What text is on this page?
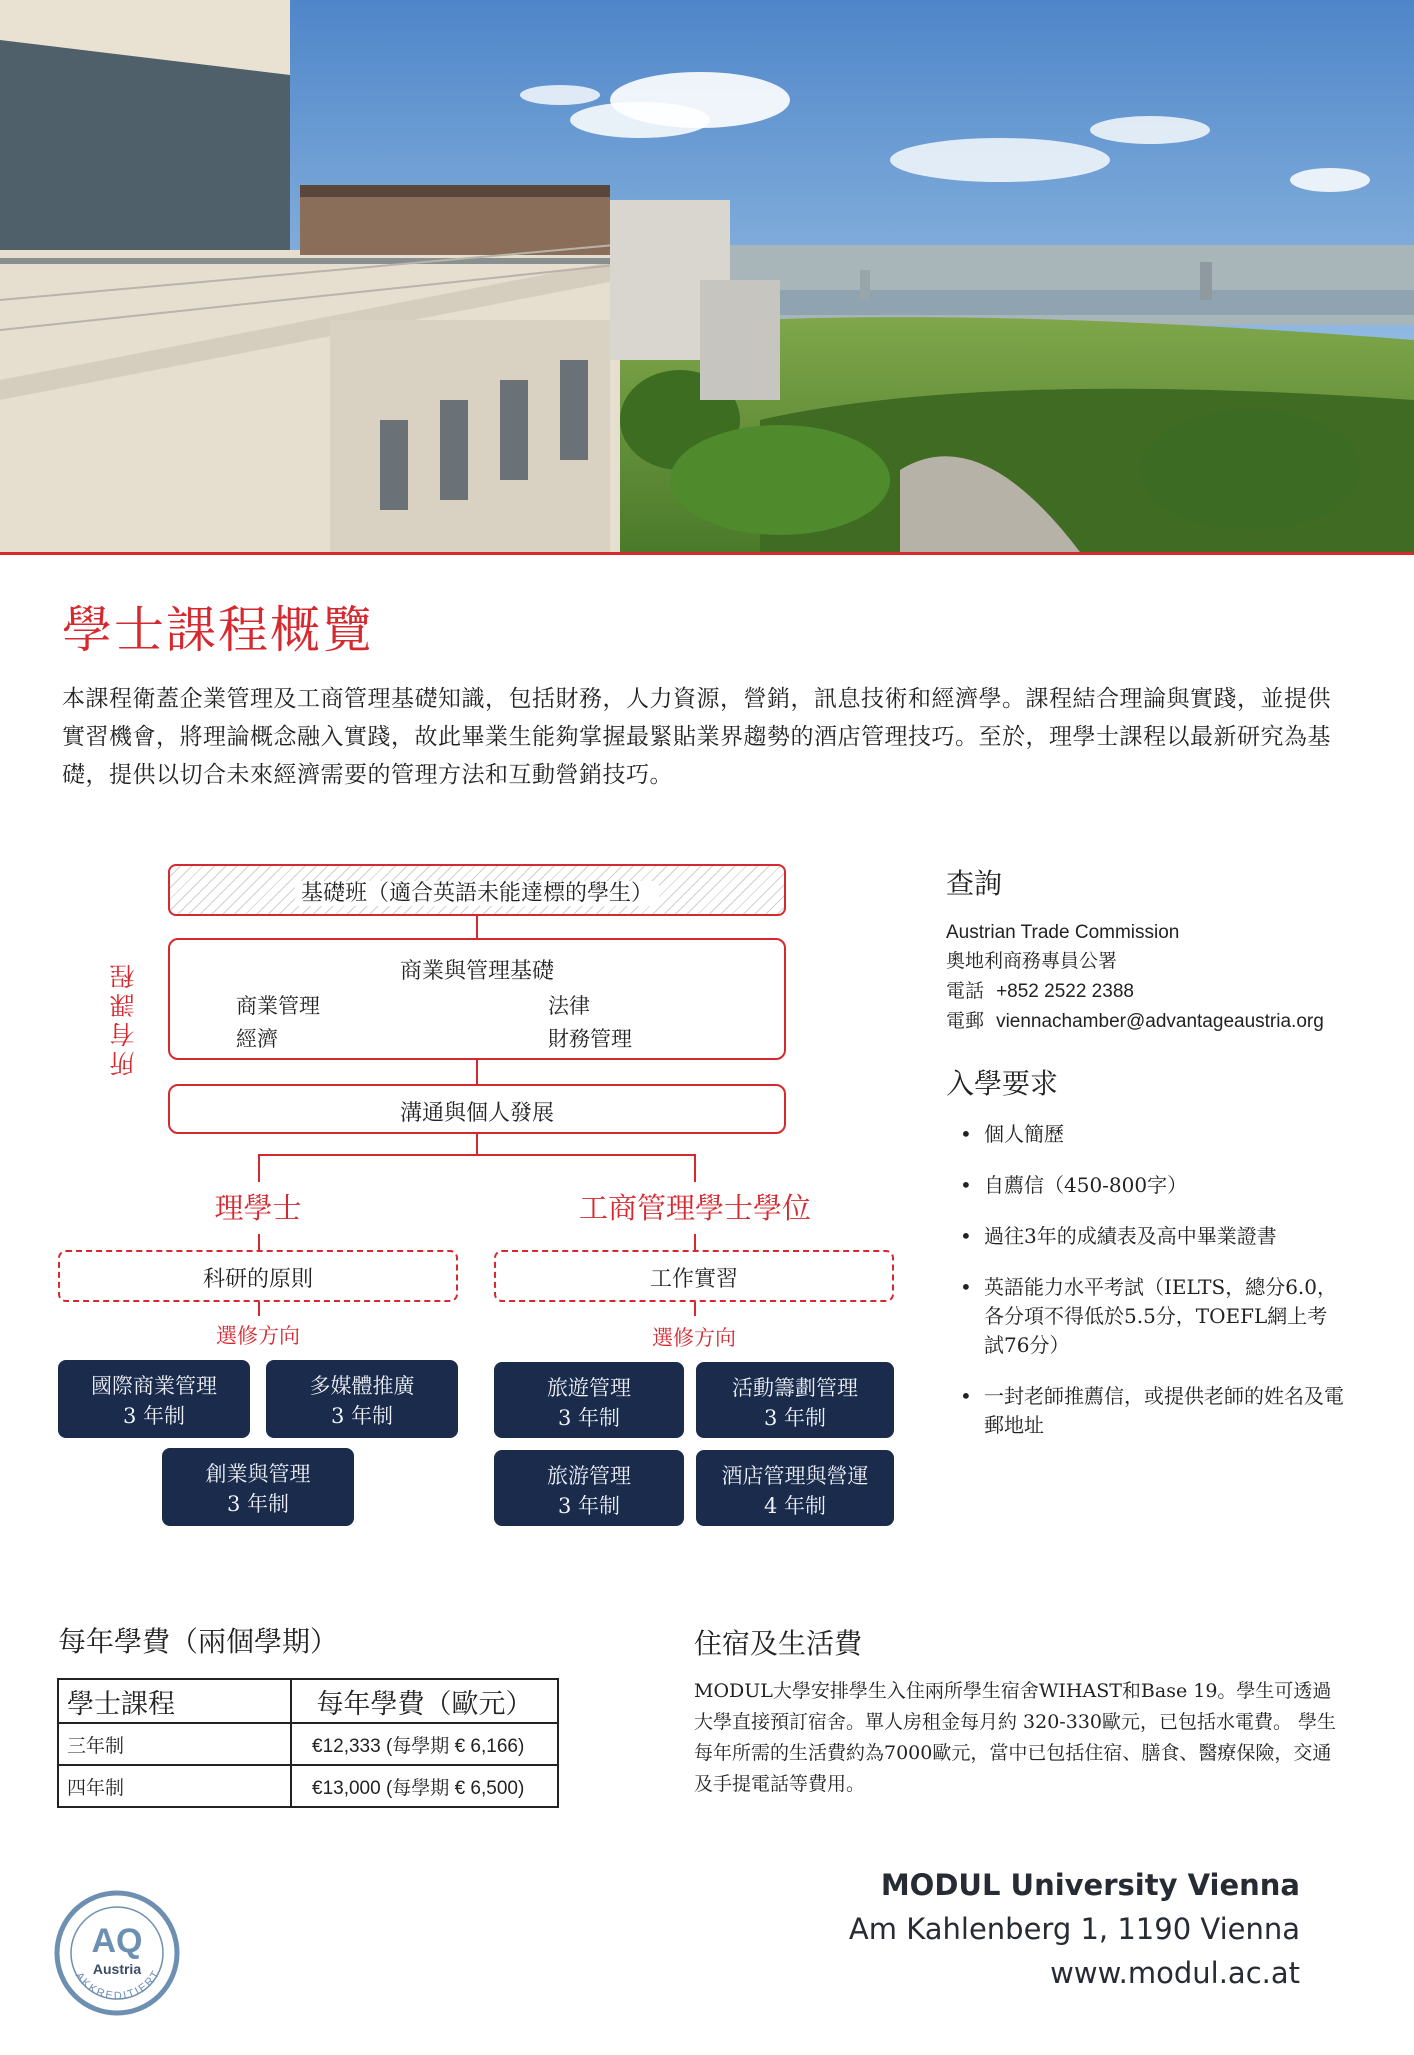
學士課程概覽
本課程衛蓋企業管理及工商管理基礎知識，包括財務，人力資源，營銷，訊息技術和經濟學。課程結合理論與實踐，並提供實習機會，將理論概念融入實踐，故此畢業生能夠掌握最緊貼業界趨勢的酒店管理技巧。至於，理學士課程以最新研究為基礎，提供以切合未來經濟需要的管理方法和互動營銷技巧。
所有課程
基礎班（適合英語未能達標的學生）
商業與管理基礎
商業管理	法律
經濟	財務管理
溝通與個人發展
理學士
科研的原則
選修方向
國際商業管理
3 年制
多媒體推廣
3 年制
創業與管理
3 年制
工商管理學士學位
工作實習
選修方向
旅遊管理
3 年制
活動籌劃管理
3 年制
旅游管理
3 年制
酒店管理與營運
4 年制
查詢
Austrian Trade Commission
奧地利商務專員公署
電話 +852 2522 2388
電郵 viennachamber@advantageaustria.org
入學要求
• 個人簡歷
• 自薦信（450-800字）
• 過往3年的成績表及高中畢業證書
• 英語能力水平考試（IELTS，總分6.0，各分項不得低於5.5分，TOEFL網上考試76分）
• 一封老師推薦信，或提供老師的姓名及電郵地址
每年學費（兩個學期）
學士課程	每年學費（歐元）
三年制	€12,333 (每學期 € 6,166)
四年制	€13,000 (每學期 € 6,500)
住宿及生活費
MODUL大學安排學生入住兩所學生宿舍WIHAST和Base 19。學生可透過大學直接預訂宿舍。單人房租金每月約 320-330歐元，已包括水電費。 學生每年所需的生活費約為7000歐元，當中已包括住宿、膳食、醫療保險，交通及手提電話等費用。
AKKREDITIERT
AQ
Austria
MODUL University Vienna
Am Kahlenberg 1, 1190 Vienna
www.modul.ac.at
